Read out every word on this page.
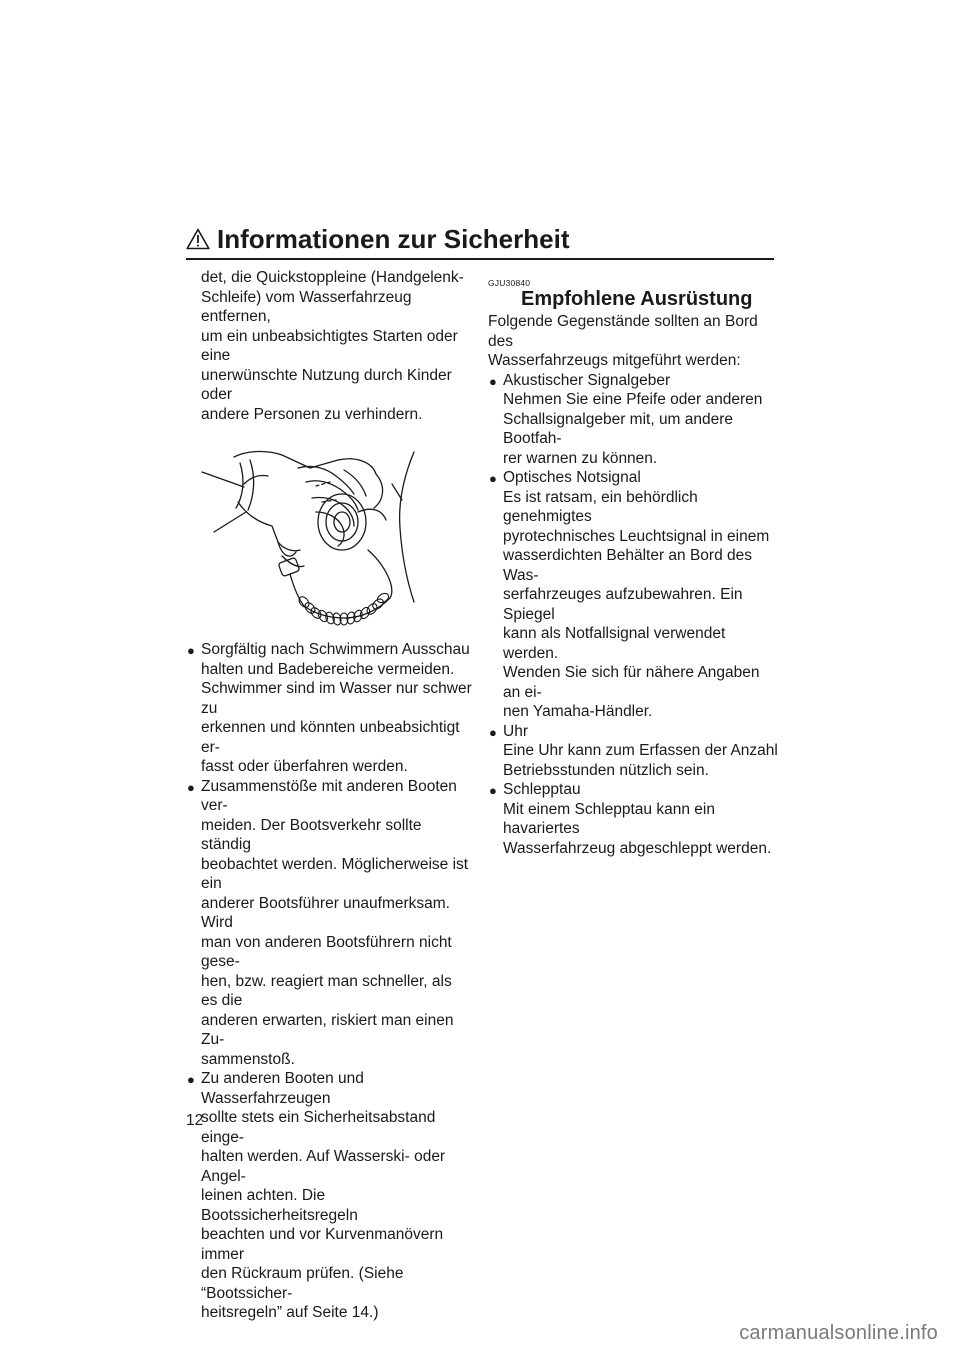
Informationen zur Sicherheit
det, die Quickstoppleine (Handgelenk-
Schleife) vom Wasserfahrzeug entfernen,
um ein unbeabsichtigtes Starten oder eine
unerwünschte Nutzung durch Kinder oder
andere Personen zu verhindern.
● Sorgfältig nach Schwimmern Ausschau
halten und Badebereiche vermeiden.
Schwimmer sind im Wasser nur schwer zu
erkennen und könnten unbeabsichtigt er-
fasst oder überfahren werden.
● Zusammenstöße mit anderen Booten ver-
meiden. Der Bootsverkehr sollte ständig
beobachtet werden. Möglicherweise ist ein
anderer Bootsführer unaufmerksam. Wird
man von anderen Bootsführern nicht gese-
hen, bzw. reagiert man schneller, als es die
anderen erwarten, riskiert man einen Zu-
sammenstoß.
● Zu anderen Booten und Wasserfahrzeugen
sollte stets ein Sicherheitsabstand einge-
halten werden. Auf Wasserski- oder Angel-
leinen achten. Die Bootssicherheitsregeln
beachten und vor Kurvenmanövern immer
den Rückraum prüfen. (Siehe “Bootssicher-
heitsregeln” auf Seite 14.)
GJU30840
Empfohlene Ausrüstung
Folgende Gegenstände sollten an Bord des
Wasserfahrzeugs mitgeführt werden:
● Akustischer Signalgeber
Nehmen Sie eine Pfeife oder anderen
Schallsignalgeber mit, um andere Bootfah-
rer warnen zu können.
● Optisches Notsignal
Es ist ratsam, ein behördlich genehmigtes
pyrotechnisches Leuchtsignal in einem
wasserdichten Behälter an Bord des Was-
serfahrzeuges aufzubewahren. Ein Spiegel
kann als Notfallsignal verwendet werden.
Wenden Sie sich für nähere Angaben an ei-
nen Yamaha-Händler.
● Uhr
Eine Uhr kann zum Erfassen der Anzahl
Betriebsstunden nützlich sein.
● Schlepptau
Mit einem Schlepptau kann ein havariertes
Wasserfahrzeug abgeschleppt werden.
12
carmanualsonline.info
